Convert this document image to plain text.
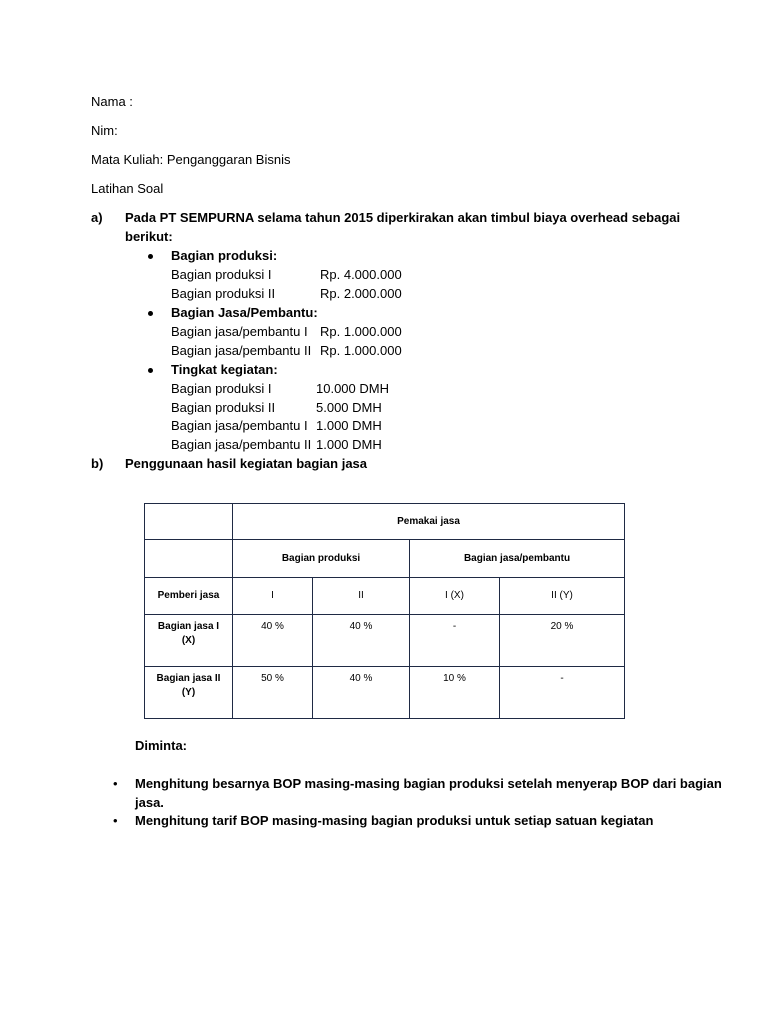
Nama :
Nim:
Mata Kuliah: Penganggaran Bisnis
Latihan Soal
a) Pada PT SEMPURNA selama tahun 2015 diperkirakan akan timbul biaya overhead sebagai
berikut:
Bagian produksi:
Bagian produksi I	Rp. 4.000.000
Bagian produksi II	Rp. 2.000.000
Bagian Jasa/Pembantu:
Bagian jasa/pembantu I Rp. 1.000.000
Bagian jasa/pembantu II Rp. 1.000.000
Tingkat kegiatan:
Bagian produksi I	10.000 DMH
Bagian produksi II	5.000 DMH
Bagian jasa/pembantu I 1.000 DMH
Bagian jasa/pembantu II 1.000 DMH
b) Penggunaan hasil kegiatan bagian jasa
	Pemakai jasa			
	Bagian produksi		Bagian jasa/pembantu	
Pemberi jasa	I	II	I (X)	II (Y)

Bagian jasa I
(X)	40 %	40 %	-	20 %

Bagian jasa II
(Y)	50 %	40 %	10 %	-
Diminta:
• Menghitung besarnya BOP masing-masing bagian produksi setelah menyerap BOP dari bagian
jasa.
• Menghitung tarif BOP masing-masing bagian produksi untuk setiap satuan kegiatan
